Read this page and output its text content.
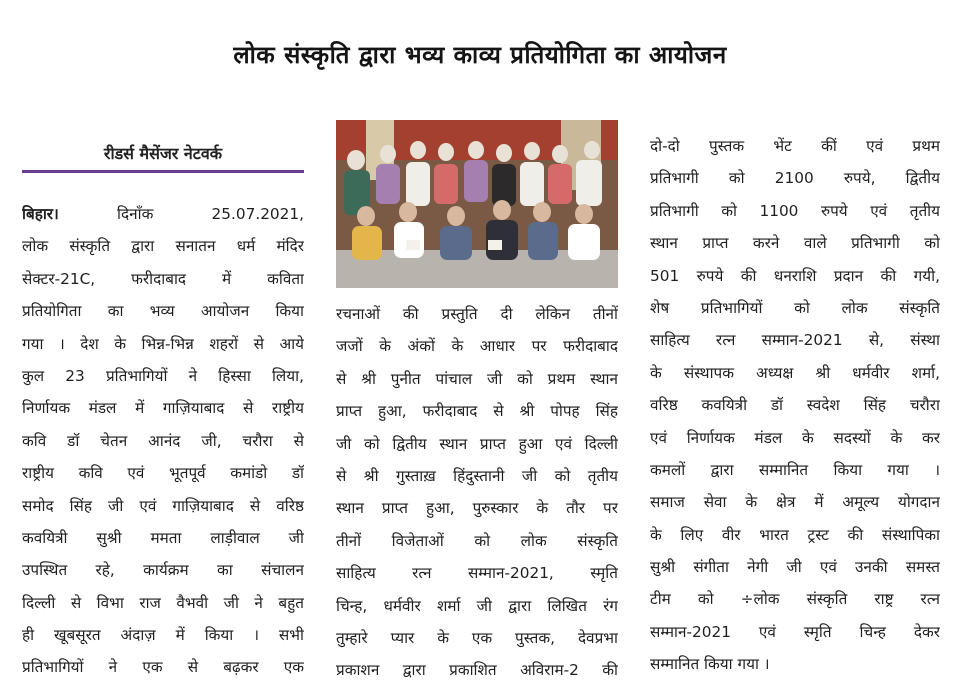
लोक संस्कृति द्वारा भव्य काव्य प्रतियोगिता का आयोजन
रीडर्स मैसेंजर नेटवर्क
बिहार। दिनाँक 25.07.2021,
लोक संस्कृति द्वारा सनातन धर्म मंदिर
सेक्टर-21C, फरीदाबाद में कविता
प्रतियोगिता का भव्य आयोजन किया
गया । देश के भिन्न-भिन्न शहरों से आये
कुल 23 प्रतिभागियों ने हिस्सा लिया,
निर्णायक मंडल में गाज़ियाबाद से राष्ट्रीय
कवि डॉ चेतन आनंद जी, चरौरा से
राष्ट्रीय कवि एवं भूतपूर्व कमांडो डॉ
समोद सिंह जी एवं गाज़ियाबाद से वरिष्ठ
कवयित्री सुश्री ममता लाड़ीवाल जी
उपस्थित रहे, कार्यक्रम का संचालन
दिल्ली से विभा राज वैभवी जी ने बहुत
ही खूबसूरत अंदाज़ में किया । सभी
प्रतिभागियों ने एक से बढ़कर एक
रचनाओं की प्रस्तुति दी लेकिन तीनों
जजों के अंकों के आधार पर फरीदाबाद
से श्री पुनीत पांचाल जी को प्रथम स्थान
प्राप्त हुआ, फरीदाबाद से श्री पोपह सिंह
जी को द्वितीय स्थान प्राप्त हुआ एवं दिल्ली
से श्री गुस्ताख़ हिंदुस्तानी जी को तृतीय
स्थान प्राप्त हुआ, पुरुस्कार के तौर पर
तीनों विजेताओं को लोक संस्कृति
साहित्य रत्न सम्मान-2021, स्मृति
चिन्ह, धर्मवीर शर्मा जी द्वारा लिखित रंग
तुम्हारे प्यार के एक पुस्तक, देवप्रभा
प्रकाशन द्वारा प्रकाशित अविराम-2 की
दो-दो पुस्तक भेंट कीं एवं प्रथम
प्रतिभागी को 2100 रुपये, द्वितीय
प्रतिभागी को 1100 रुपये एवं तृतीय
स्थान प्राप्त करने वाले प्रतिभागी को
501 रुपये की धनराशि प्रदान की गयी,
शेष प्रतिभागियों को लोक संस्कृति
साहित्य रत्न सम्मान-2021 से, संस्था
के संस्थापक अध्यक्ष श्री धर्मवीर शर्मा,
वरिष्ठ कवयित्री डॉ स्वदेश सिंह चरौरा
एवं निर्णायक मंडल के सदस्यों के कर
कमलों द्वारा सम्मानित किया गया ।
समाज सेवा के क्षेत्र में अमूल्य योगदान
के लिए वीर भारत ट्रस्ट की संस्थापिका
सुश्री संगीता नेगी जी एवं उनकी समस्त
टीम को ÷लोक संस्कृति राष्ट्र रत्न
सम्मान-2021 एवं स्मृति चिन्ह देकर
सम्मानित किया गया ।
